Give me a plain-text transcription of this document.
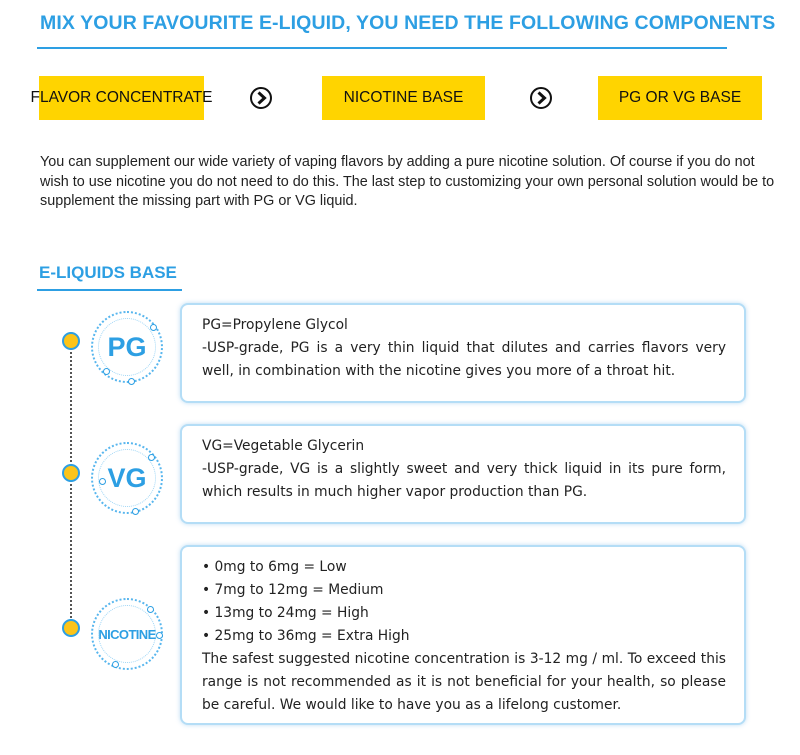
MIX YOUR FAVOURITE E-LIQUID, YOU NEED THE FOLLOWING COMPONENTS
FLAVOR CONCENTRATE	NICOTINE BASE	PG OR VG BASE

You can supplement our wide variety of vaping flavors by adding a pure nicotine solution. Of course if you do not wish to use nicotine you do not need to do this. The last step to customizing your own personal solution would be to supplement the missing part with PG or VG liquid.

E-LIQUIDS BASE
PG
VG
NICOTINE

PG=Propylene Glycol

-USP-grade, PG is a very thin liquid that dilutes and carries flavors very well, in combination with the nicotine gives you more of a throat hit.

VG=Vegetable Glycerin

-USP-grade, VG is a slightly sweet and very thick liquid in its pure form, which results in much higher vapor production than PG.

• 0mg to 6mg = Low
• 7mg to 12mg = Medium
• 13mg to 24mg = High
• 25mg to 36mg = Extra High

The safest suggested nicotine concentration is 3-12 mg / ml. To exceed this range is not recommended as it is not beneficial for your health, so please be careful. We would like to have you as a lifelong customer.
